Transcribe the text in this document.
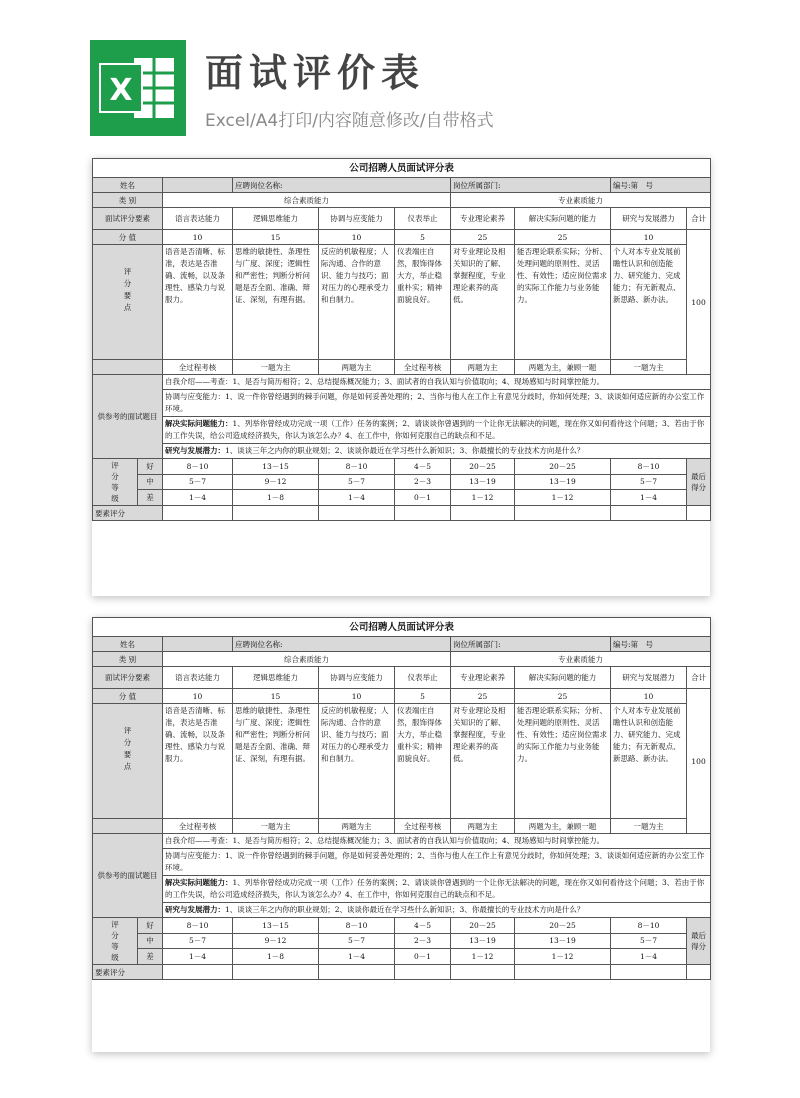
X 面试评价表
Excel/A4打印/内容随意修改/自带格式
公司招聘人员面试评分表									
姓名			应聘岗位名称:			岗位所属部门:		编号:第　号	
类 别		综合素质能力				专业素质能力			
面试评分要素		语言表达能力	逻辑思维能力	协调与应变能力	仪表举止	专业理论素养	解决实际问题的能力	研究与发展潜力	合计
分 值		10	15	10	5	25	25	10	100

评分要点		语音是否清晰、标准，表达是否准确、流畅，以及条理性、感染力与说服力。	思维的敏捷性、条理性与广度、深度；逻辑性和严密性；判断分析问题是否全面、准确、辩证、深刻，有理有据。	反应的机敏程度；人际沟通、合作的意识、能力与技巧；面对压力的心理承受力和自制力。	仪表端庄自然，服饰得体大方，举止稳重朴实；精神面貌良好。	对专业理论及相关知识的了解、掌握程度，专业理论素养的高低。	能否理论联系实际；分析、处理问题的原则性、灵活性、有效性；适应岗位需求的实际工作能力与业务能力。	个人对本专业发展前瞻性认识和创造能力、研究能力、完成能力；有无新观点、新思路、新办法。	

		全过程考核	一题为主	两题为主	全过程考核	两题为主	两题为主，兼顾一题	一题为主	
供参考的面试题目		自我介绍——考查：1、是否与简历相符；2、总结提炼概况能力；3、面试者的自我认知与价值取向；4、现场感知与时间掌控能力。							
		协调与应变能力：1、说一件你曾经遇到的棘手问题，你是如何妥善处理的；2、当你与他人在工作上有意见分歧时，你如何处理；3、谈谈如何适应新的办公室工作环境。							
		解决实际问题能力：1、列举你曾经成功完成一项（工作）任务的案例；2、请谈谈你曾遇到的一个让你无法解决的问题，现在你又如何看待这个问题；3、若由于你的工作失误，给公司造成经济损失，你认为该怎么办？4、在工作中，你如何克服自己的缺点和不足。							
		研究与发展潜力：1、谈谈三年之内你的职业规划；2、谈谈你最近在学习些什么新知识；3、你最擅长的专业技术方向是什么？							

评分等级	好	8－10	13－15	8－10	4－5	20－25	20－25	8－10	最后得分
	中	5－7	9－12	5－7	2－3	13－19	13－19	5－7	
	差	1－4	1－8	1－4	0－1	1－12	1－12	1－4	
要素评分									
公司招聘人员面试评分表									
姓名			应聘岗位名称:			岗位所属部门:		编号:第　号	
类 别		综合素质能力				专业素质能力			
面试评分要素		语言表达能力	逻辑思维能力	协调与应变能力	仪表举止	专业理论素养	解决实际问题的能力	研究与发展潜力	合计
分 值		10	15	10	5	25	25	10	100

评分要点		语音是否清晰、标准，表达是否准确、流畅，以及条理性、感染力与说服力。	思维的敏捷性、条理性与广度、深度；逻辑性和严密性；判断分析问题是否全面、准确、辩证、深刻，有理有据。	反应的机敏程度；人际沟通、合作的意识、能力与技巧；面对压力的心理承受力和自制力。	仪表端庄自然，服饰得体大方，举止稳重朴实；精神面貌良好。	对专业理论及相关知识的了解、掌握程度，专业理论素养的高低。	能否理论联系实际；分析、处理问题的原则性、灵活性、有效性；适应岗位需求的实际工作能力与业务能力。	个人对本专业发展前瞻性认识和创造能力、研究能力、完成能力；有无新观点、新思路、新办法。	

		全过程考核	一题为主	两题为主	全过程考核	两题为主	两题为主，兼顾一题	一题为主	
供参考的面试题目		自我介绍——考查：1、是否与简历相符；2、总结提炼概况能力；3、面试者的自我认知与价值取向；4、现场感知与时间掌控能力。							
		协调与应变能力：1、说一件你曾经遇到的棘手问题，你是如何妥善处理的；2、当你与他人在工作上有意见分歧时，你如何处理；3、谈谈如何适应新的办公室工作环境。							
		解决实际问题能力：1、列举你曾经成功完成一项（工作）任务的案例；2、请谈谈你曾遇到的一个让你无法解决的问题，现在你又如何看待这个问题；3、若由于你的工作失误，给公司造成经济损失，你认为该怎么办？4、在工作中，你如何克服自己的缺点和不足。							
		研究与发展潜力：1、谈谈三年之内你的职业规划；2、谈谈你最近在学习些什么新知识；3、你最擅长的专业技术方向是什么？							

评分等级	好	8－10	13－15	8－10	4－5	20－25	20－25	8－10	最后得分
	中	5－7	9－12	5－7	2－3	13－19	13－19	5－7	
	差	1－4	1－8	1－4	0－1	1－12	1－12	1－4	
要素评分									
